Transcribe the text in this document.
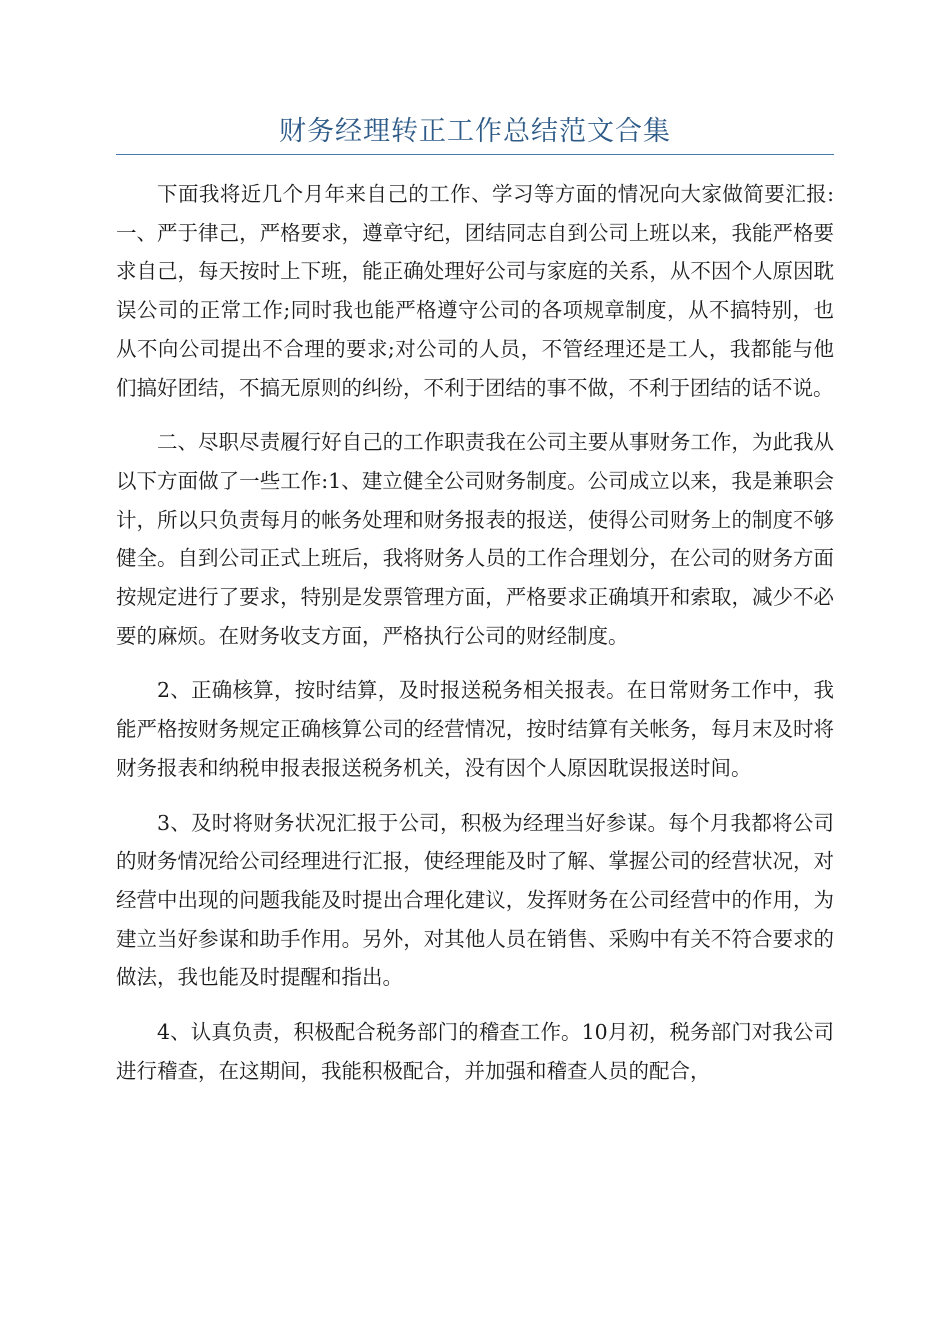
财务经理转正工作总结范文合集

下面我将近几个月年来自己的工作、学习等方面的情况向大家做简要汇报:一、严于律己，严格要求，遵章守纪，团结同志自到公司上班以来，我能严格要求自己，每天按时上下班，能正确处理好公司与家庭的关系，从不因个人原因耽误公司的正常工作;同时我也能严格遵守公司的各项规章制度，从不搞特别，也从不向公司提出不合理的要求;对公司的人员，不管经理还是工人，我都能与他们搞好团结，不搞无原则的纠纷，不利于团结的事不做，不利于团结的话不说。

二、尽职尽责履行好自己的工作职责我在公司主要从事财务工作，为此我从以下方面做了一些工作:1、建立健全公司财务制度。公司成立以来，我是兼职会计，所以只负责每月的帐务处理和财务报表的报送，使得公司财务上的制度不够健全。自到公司正式上班后，我将财务人员的工作合理划分，在公司的财务方面按规定进行了要求，特别是发票管理方面，严格要求正确填开和索取，减少不必要的麻烦。在财务收支方面，严格执行公司的财经制度。

2、正确核算，按时结算，及时报送税务相关报表。在日常财务工作中，我能严格按财务规定正确核算公司的经营情况，按时结算有关帐务，每月末及时将财务报表和纳税申报表报送税务机关，没有因个人原因耽误报送时间。

3、及时将财务状况汇报于公司，积极为经理当好参谋。每个月我都将公司的财务情况给公司经理进行汇报，使经理能及时了解、掌握公司的经营状况，对经营中出现的问题我能及时提出合理化建议，发挥财务在公司经营中的作用，为建立当好参谋和助手作用。另外，对其他人员在销售、采购中有关不符合要求的做法，我也能及时提醒和指出。

4、认真负责，积极配合税务部门的稽查工作。10月初，税务部门对我公司进行稽查，在这期间，我能积极配合，并加强和稽查人员的配合，
